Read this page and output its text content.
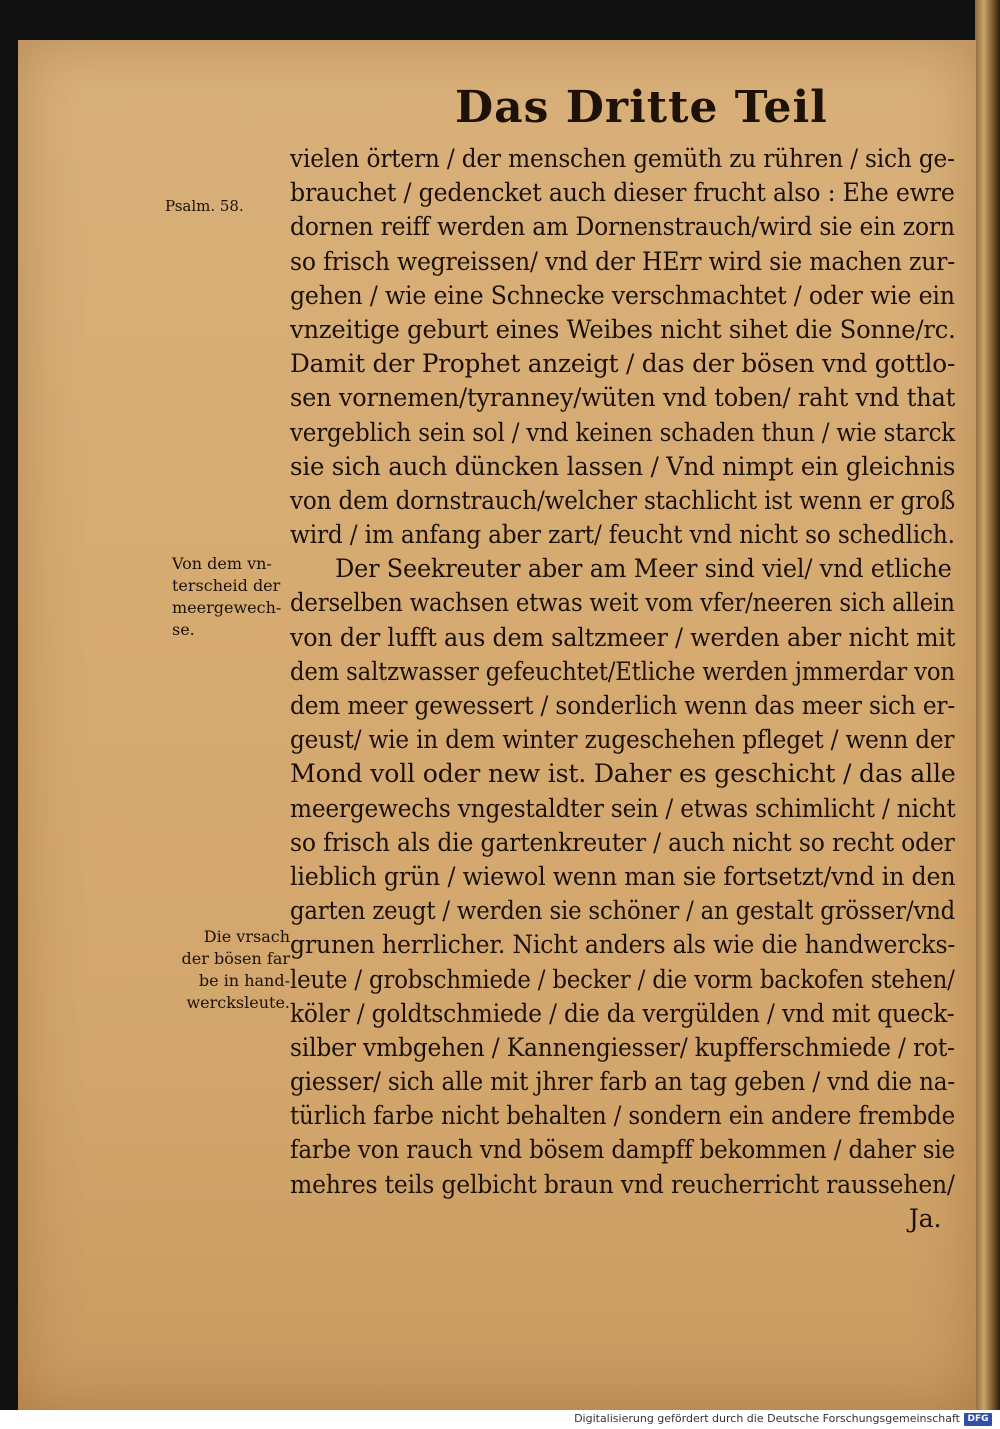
Das Dritte Teil
Psalm. 58.
Von dem vn-
terscheid der
meergewech-
se.
Die vrsach
der bösen far
be in hand-
wercksleute.
vielen örtern / der menschen gemüth zu rühren / sich ge-
brauchet / gedencket auch dieser frucht also : Ehe ewre
dornen reiff werden am Dornenstrauch/wird sie ein zorn
so frisch wegreissen/ vnd der HErr wird sie machen zur-
gehen / wie eine Schnecke verschmachtet / oder wie ein
vnzeitige geburt eines Weibes nicht sihet die Sonne/rc.
Damit der Prophet anzeigt / das der bösen vnd gottlo-
sen vornemen/tyranney/wüten vnd toben/ raht vnd that
vergeblich sein sol / vnd keinen schaden thun / wie starck
sie sich auch düncken lassen / Vnd nimpt ein gleichnis
von dem dornstrauch/welcher stachlicht ist wenn er groß
wird / im anfang aber zart/ feucht vnd nicht so schedlich.
Der Seekreuter aber am Meer sind viel/ vnd etliche
derselben wachsen etwas weit vom vfer/neeren sich allein
von der lufft aus dem saltzmeer / werden aber nicht mit
dem saltzwasser gefeuchtet/Etliche werden jmmerdar von
dem meer gewessert / sonderlich wenn das meer sich er-
geust/ wie in dem winter zugeschehen pfleget / wenn der
Mond voll oder new ist. Daher es geschicht / das alle
meergewechs vngestaldter sein / etwas schimlicht / nicht
so frisch als die gartenkreuter / auch nicht so recht oder
lieblich grün / wiewol wenn man sie fortsetzt/vnd in den
garten zeugt / werden sie schöner / an gestalt grösser/vnd
grunen herrlicher. Nicht anders als wie die handwercks-
leute / grobschmiede / becker / die vorm backofen stehen/
köler / goldtschmiede / die da vergülden / vnd mit queck-
silber vmbgehen / Kannengiesser/ kupfferschmiede / rot-
giesser/ sich alle mit jhrer farb an tag geben / vnd die na-
türlich farbe nicht behalten / sondern ein andere frembde
farbe von rauch vnd bösem dampff bekommen / daher sie
mehres teils gelbicht braun vnd reucherricht raussehen/
Ja.
Digitalisierung gefördert durch die Deutsche Forschungsgemeinschaft DFG
